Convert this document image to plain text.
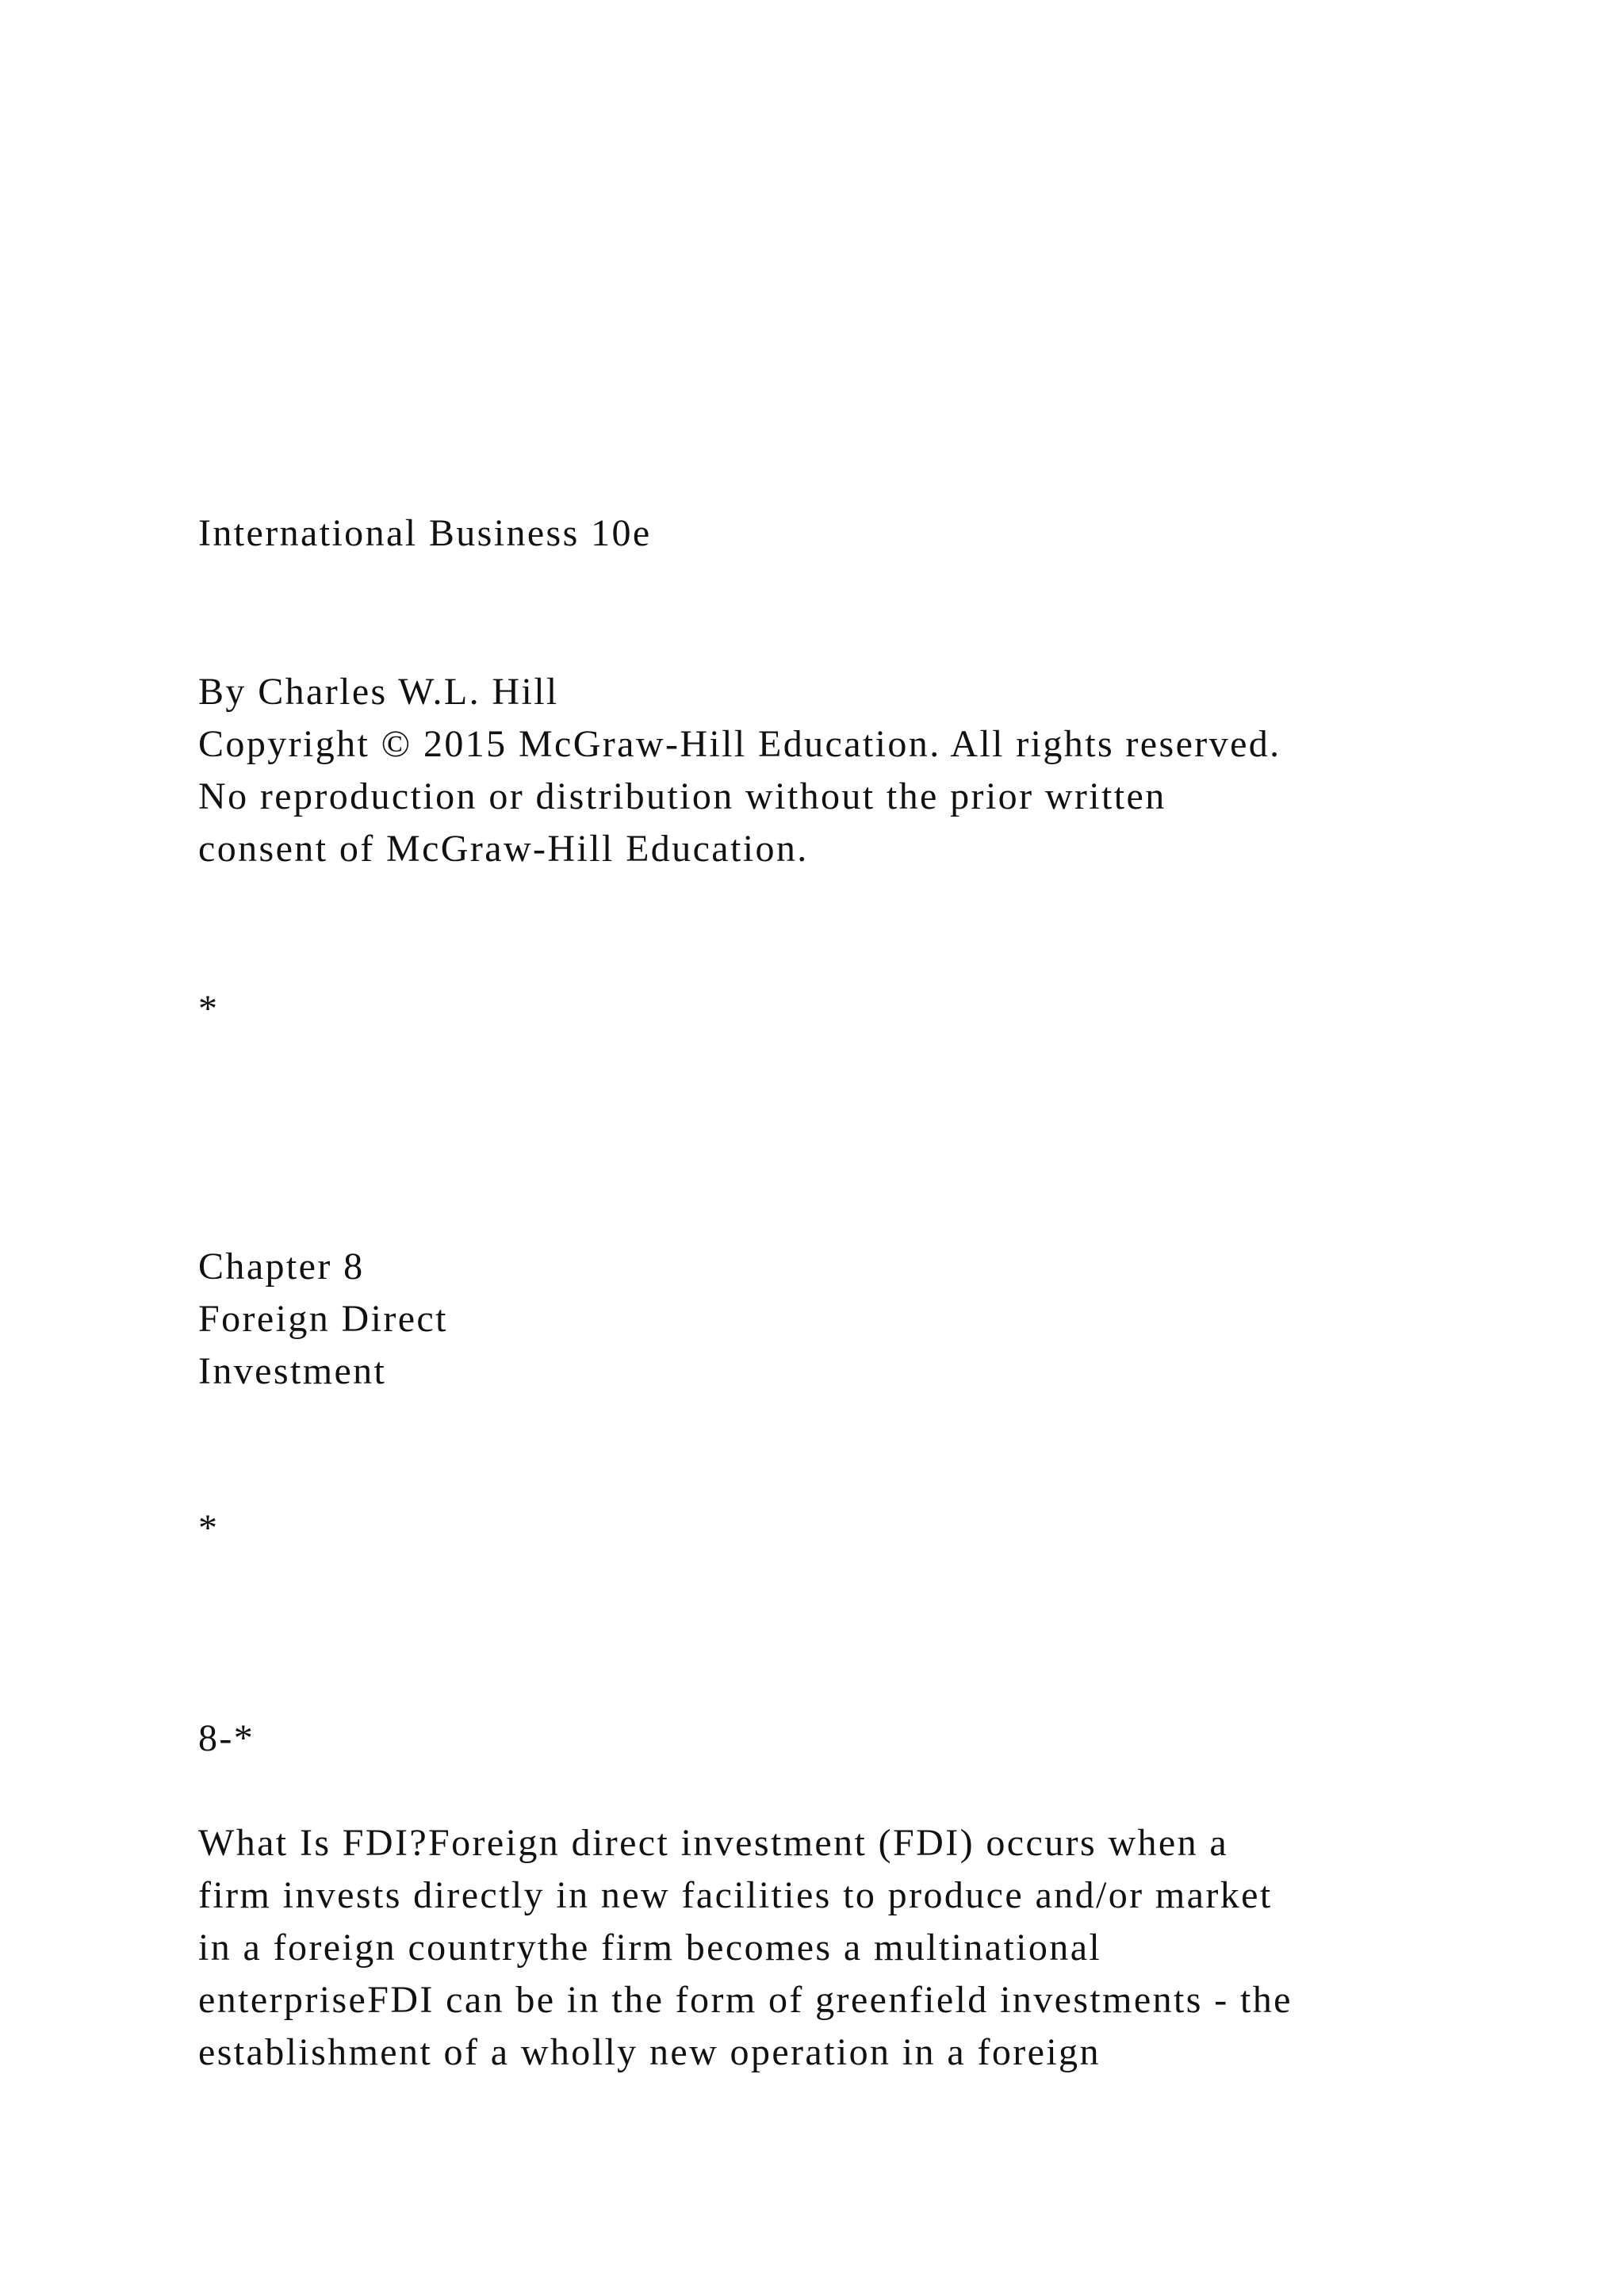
International Business 10e

By Charles W.L. Hill

Copyright © 2015 McGraw-Hill Education. All rights reserved.

No reproduction or distribution without the prior written

consent of McGraw-Hill Education.

*

Chapter 8

Foreign Direct

Investment

*

8-*

What Is FDI?Foreign direct investment (FDI) occurs when a

firm invests directly in new facilities to produce and/or market

in a foreign countrythe firm becomes a multinational

enterpriseFDI can be in the form of greenfield investments - the

establishment of a wholly new operation in a foreign
